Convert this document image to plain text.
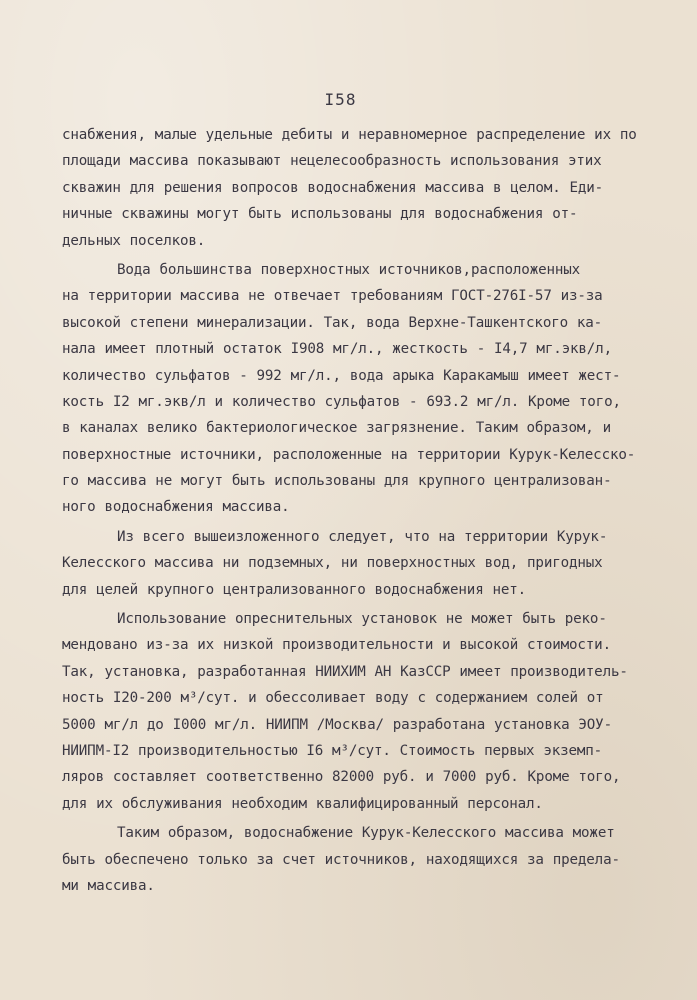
I58
снабжения, малые удельные дебиты и неравномерное распределение их по
площади массива показывают нецелесообразность использования этих
скважин для решения вопросов водоснабжения массива в целом. Еди-
ничные скважины могут быть использованы для водоснабжения от-
дельных поселков.
Вода большинства поверхностных источников,расположенных
на территории массива не отвечает требованиям ГОСТ-276I-57 из-за
высокой степени минерализации. Так, вода Верхне-Ташкентского ка-
нала имеет плотный остаток I908 мг/л., жесткость - I4,7 мг.экв/л,
количество сульфатов - 992 мг/л., вода арыка Каракамыш имеет жест-
кость I2 мг.экв/л и количество сульфатов - 693.2 мг/л. Кроме того,
в каналах велико бактериологическое загрязнение. Таким образом, и
поверхностные источники, расположенные на территории Курук-Келесско-
го массива не могут быть использованы для крупного централизован-
ного водоснабжения массива.
Из всего вышеизложенного следует, что на территории Курук-
Келесского массива ни подземных, ни поверхностных вод, пригодных
для целей крупного централизованного водоснабжения нет.
Использование опреснительных установок не может быть реко-
мендовано из-за их низкой производительности и высокой стоимости.
Так, установка, разработанная НИИХИМ АН КазССР имеет производитель-
ность I20-200 м³/сут. и обессоливает воду с содержанием солей от
5000 мг/л до I000 мг/л. НИИПМ /Москва/ разработана установка ЭОУ-
НИИПМ-I2 производительностью I6 м³/сут. Стоимость первых экземп-
ляров составляет соответственно 82000 руб. и 7000 руб. Кроме того,
для их обслуживания необходим квалифицированный персонал.
Таким образом, водоснабжение Курук-Келесского массива может
быть обеспечено только за счет источников, находящихся за предела-
ми массива.
